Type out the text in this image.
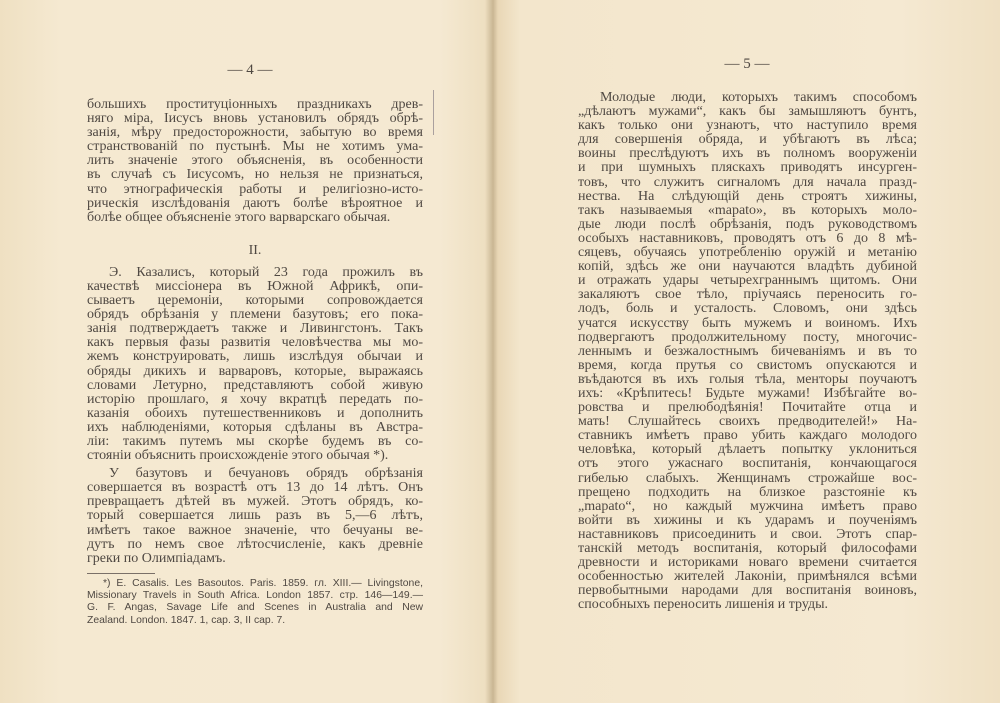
— 4 —
большихъ проституціонныхъ праздникахъ древ-
няго міра, Іисусъ вновь установилъ обрядъ обрѣ-
занія, мѣру предосторожности, забытую во время
странствованій по пустынѣ. Мы не хотимъ ума-
лить значеніе этого объясненія, въ особенности
въ случаѣ съ Іисусомъ, но нельзя не признаться,
что этнографическія работы и религіозно-исто-
рическія изслѣдованія даютъ болѣе вѣроятное и
болѣе общее объясненіе этого варварскаго обычая.
II.
Э. Казалисъ, который 23 года прожилъ въ
качествѣ миссіонера въ Южной Африкѣ, опи-
сываетъ церемоніи, которыми сопровождается
обрядъ обрѣзанія у племени базутовъ; его пока-
занія подтверждаетъ также и Ливингстонъ. Такъ
какъ первыя фазы развитія человѣчества мы мо-
жемъ конструировать, лишь изслѣдуя обычаи и
обряды дикихъ и варваровъ, которые, выражаясь
словами Летурно, представляютъ собой живую
исторію прошлаго, я хочу вкратцѣ передать по-
казанія обоихъ путешественниковъ и дополнить
ихъ наблюденіями, которыя сдѣланы въ Австра-
ліи: такимъ путемъ мы скорѣе будемъ въ со-
стояніи объяснить происхожденіе этого обычая *).
У базутовъ и бечуановъ обрядъ обрѣзанія
совершается въ возрастѣ отъ 13 до 14 лѣтъ. Онъ
превращаетъ дѣтей въ мужей. Этотъ обрядъ, ко-
торый совершается лишь разъ въ 5,—6 лѣтъ,
имѣетъ такое важное значеніе, что бечуаны ве-
дутъ по немъ свое лѣтосчисленіе, какъ древніе
греки по Олимпіадамъ.
*) E. Casalis. Les Basoutos. Paris. 1859. гл. XIII.— Livingstone,
Missionary Travels in South Africa. London 1857. стр. 146—149.—
G. F. Angas, Savage Life and Scenes in Australia and New
Zealand. London. 1847. 1, cap. 3, II cap. 7.
— 5 —
Молодые люди, которыхъ такимъ способомъ
„дѣлаютъ мужами“, какъ бы замышляютъ бунтъ,
какъ только они узнаютъ, что наступило время
для совершенія обряда, и убѣгаютъ въ лѣса;
воины преслѣдуютъ ихъ въ полномъ вооруженіи
и при шумныхъ пляскахъ приводятъ инсурген-
товъ, что служитъ сигналомъ для начала празд-
нества. На слѣдующій день строятъ хижины,
такъ называемыя «mapato», въ которыхъ моло-
дые люди послѣ обрѣзанія, подъ руководствомъ
особыхъ наставниковъ, проводятъ отъ 6 до 8 мѣ-
сяцевъ, обучаясь употребленію оружій и метанію
копій, здѣсь же они научаются владѣть дубиной
и отражать удары четырехграннымъ щитомъ. Они
закаляютъ свое тѣло, пріучаясь переносить го-
лодъ, боль и усталость. Словомъ, они здѣсь
учатся искусству быть мужемъ и воиномъ. Ихъ
подвергаютъ продолжительному посту, многочис-
леннымъ и безжалостнымъ бичеваніямъ и въ то
время, когда прутья со свистомъ опускаются и
въѣдаются въ ихъ голыя тѣла, менторы поучаютъ
ихъ: «Крѣпитесь! Будьте мужами! Избѣгайте во-
ровства и прелюбодѣянія! Почитайте отца и
мать! Слушайтесь своихъ предводителей!» На-
ставникъ имѣетъ право убить каждаго молодого
человѣка, который дѣлаетъ попытку уклониться
отъ этого ужаснаго воспитанія, кончающагося
гибелью слабыхъ. Женщинамъ строжайше вос-
прещено подходить на близкое разстояніе къ
„mapato“, но каждый мужчина имѣетъ право
войти въ хижины и къ ударамъ и поученіямъ
наставниковъ присоединить и свои. Этотъ спар-
танскій методъ воспитанія, который философами
древности и историками новаго времени считается
особенностью жителей Лаконіи, примѣнялся всѣми
первобытными народами для воспитанія воиновъ,
способныхъ переносить лишенія и труды.
